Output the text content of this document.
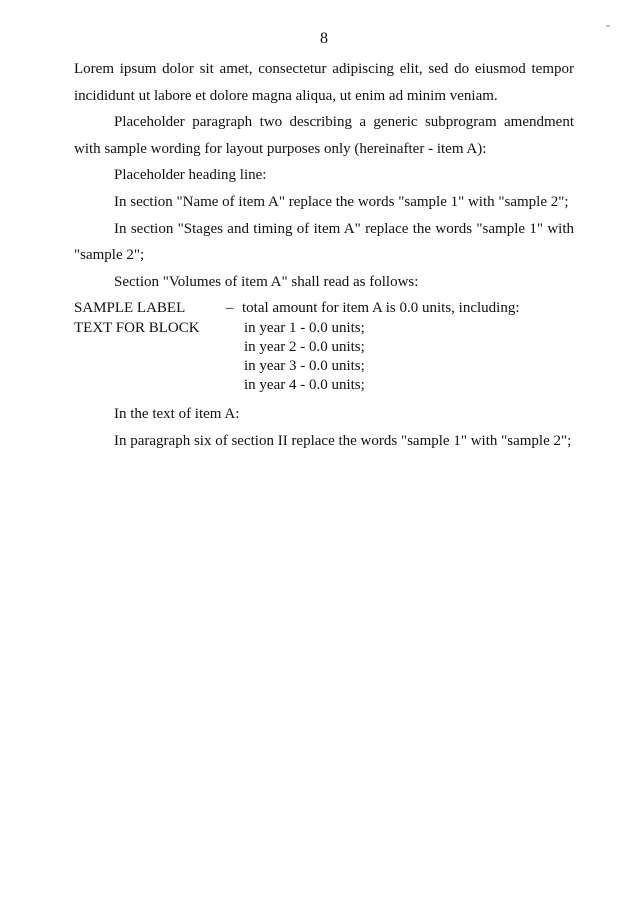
-
8

Lorem ipsum dolor sit amet, consectetur adipiscing elit, sed do eiusmod tempor incididunt ut labore et dolore magna aliqua, ut enim ad minim veniam.

Placeholder paragraph two describing a generic subprogram amendment with sample wording for layout purposes only (hereinafter - item A):

Placeholder heading line:

In section "Name of item A" replace the words "sample 1" with "sample 2";

In section "Stages and timing of item A" replace the words "sample 1" with "sample 2";

Section "Volumes of item A" shall read as follows:

SAMPLE LABEL TEXT FOR BLOCK
– total amount for item A is 0.0 units, including:
in year 1 - 0.0 units;
in year 2 - 0.0 units;
in year 3 - 0.0 units;
in year 4 - 0.0 units;

In the text of item A:

In paragraph six of section II replace the words "sample 1" with "sample 2";
